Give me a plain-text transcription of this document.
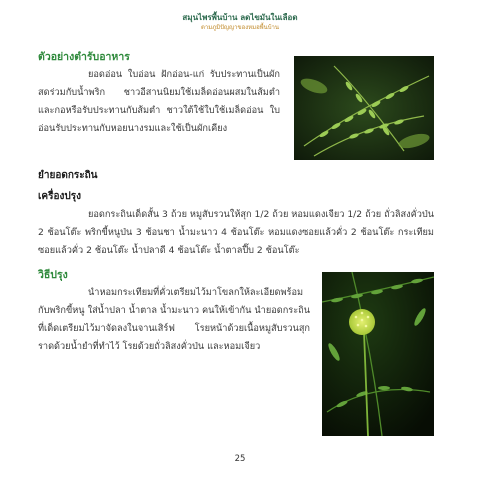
สมุนไพรพื้นบ้าน ลดไขมันในเลือด
ตามภูมิปัญญาของหมอพื้นบ้าน
ตัวอย่างตำรับอาหาร
ยอดอ่อน ใบอ่อน ฝักอ่อน-แก่ รับประทานเป็นผักสดร่วมกับน้ำพริก ชาวอีสานนิยมใช้เมล็ดอ่อนผสมในส้มตำและกอหรือรับประทานกับส้มตำ ชาวใต้ใช้ใบใช้เมล็ดอ่อน ใบอ่อนรับประทานกับหอยนางรมและใช้เป็นผักเคียง
ยำยอดกระถิน
เครื่องปรุง
ยอดกระถินเด็ดสั้น 3 ถ้วย หมูสับรวนให้สุก 1/2 ถ้วย หอมแดงเจียว 1/2 ถ้วย ถั่วลิสงคั่วป่น 2 ช้อนโต๊ะ พริกขี้หนูป่น 3 ช้อนชา น้ำมะนาว 4 ช้อนโต๊ะ หอมแดงซอยแล้วคั่ว 2 ช้อนโต๊ะ กระเทียมซอยแล้วคั่ว 2 ช้อนโต๊ะ น้ำปลาดี 4 ช้อนโต๊ะ น้ำตาลปี๊บ 2 ช้อนโต๊ะ
วิธีปรุง
นำหอมกระเทียมที่คั่วเตรียมไว้มาโขลกให้ละเอียดพร้อมกับพริกขี้หนู ใส่น้ำปลา น้ำตาล น้ำมะนาว คนให้เข้ากัน นำยอดกระถินที่เด็ดเตรียมไว้มาจัดลงในจานเสิร์ฟ โรยหน้าด้วยเนื้อหมูสับรวนสุก ราดด้วยน้ำยำที่ทำไว้ โรยด้วยถั่วลิสงคั่วป่น และหอมเจียว
25
